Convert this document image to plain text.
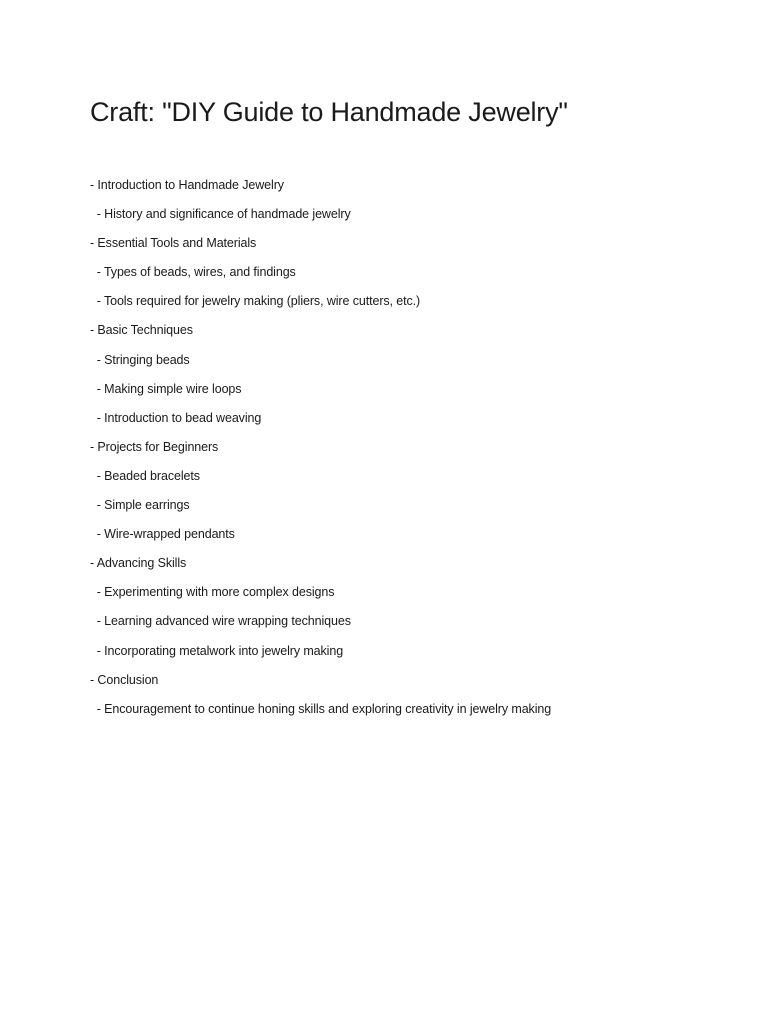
Craft: "DIY Guide to Handmade Jewelry"
- Introduction to Handmade Jewelry
- History and significance of handmade jewelry
- Essential Tools and Materials
- Types of beads, wires, and findings
- Tools required for jewelry making (pliers, wire cutters, etc.)
- Basic Techniques
- Stringing beads
- Making simple wire loops
- Introduction to bead weaving
- Projects for Beginners
- Beaded bracelets
- Simple earrings
- Wire-wrapped pendants
- Advancing Skills
- Experimenting with more complex designs
- Learning advanced wire wrapping techniques
- Incorporating metalwork into jewelry making
- Conclusion
- Encouragement to continue honing skills and exploring creativity in jewelry making
